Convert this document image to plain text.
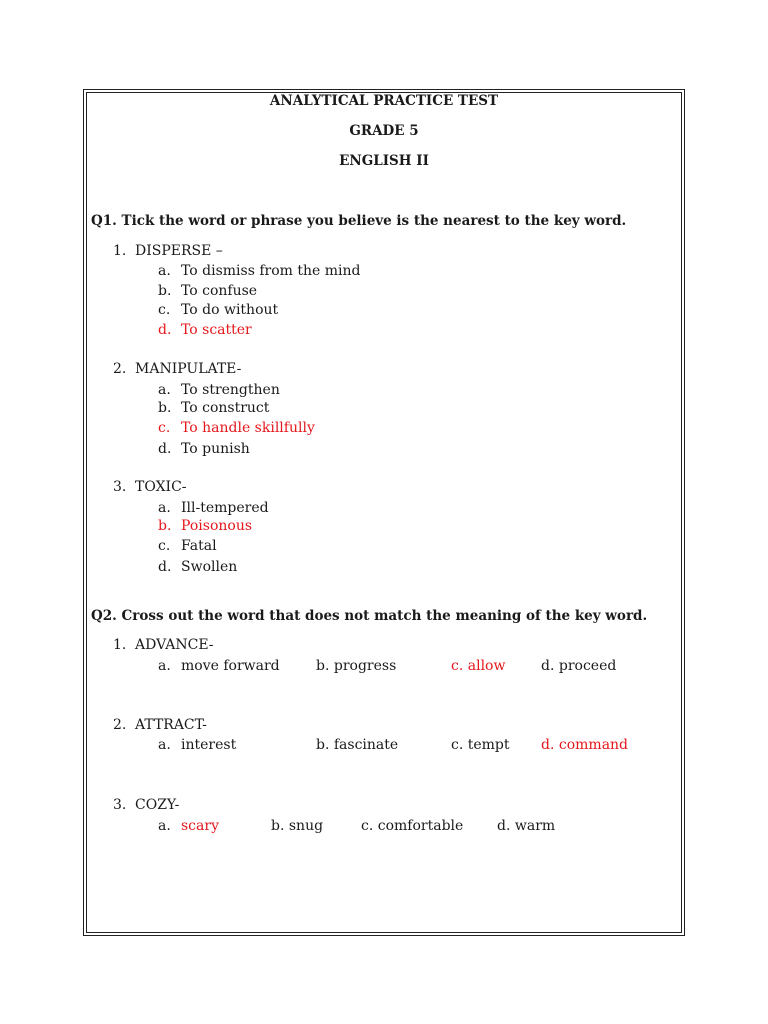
ANALYTICAL PRACTICE TEST
GRADE 5
ENGLISH II
Q1. Tick the word or phrase you believe is the nearest to the key word.
1. DISPERSE –
a. To dismiss from the mind
b. To confuse
c. To do without
d. To scatter
2. MANIPULATE-
a. To strengthen
b. To construct
c. To handle skillfully
d. To punish
3. TOXIC-
a. Ill-tempered
b. Poisonous
c. Fatal
d. Swollen
Q2. Cross out the word that does not match the meaning of the key word.
1. ADVANCE-
a. move forward	b. progress	c. allow	d. proceed
2. ATTRACT-
a. interest	b. fascinate	c. tempt d. command
3. COZY-
a. scary	b. snug	c. comfortable d. warm
